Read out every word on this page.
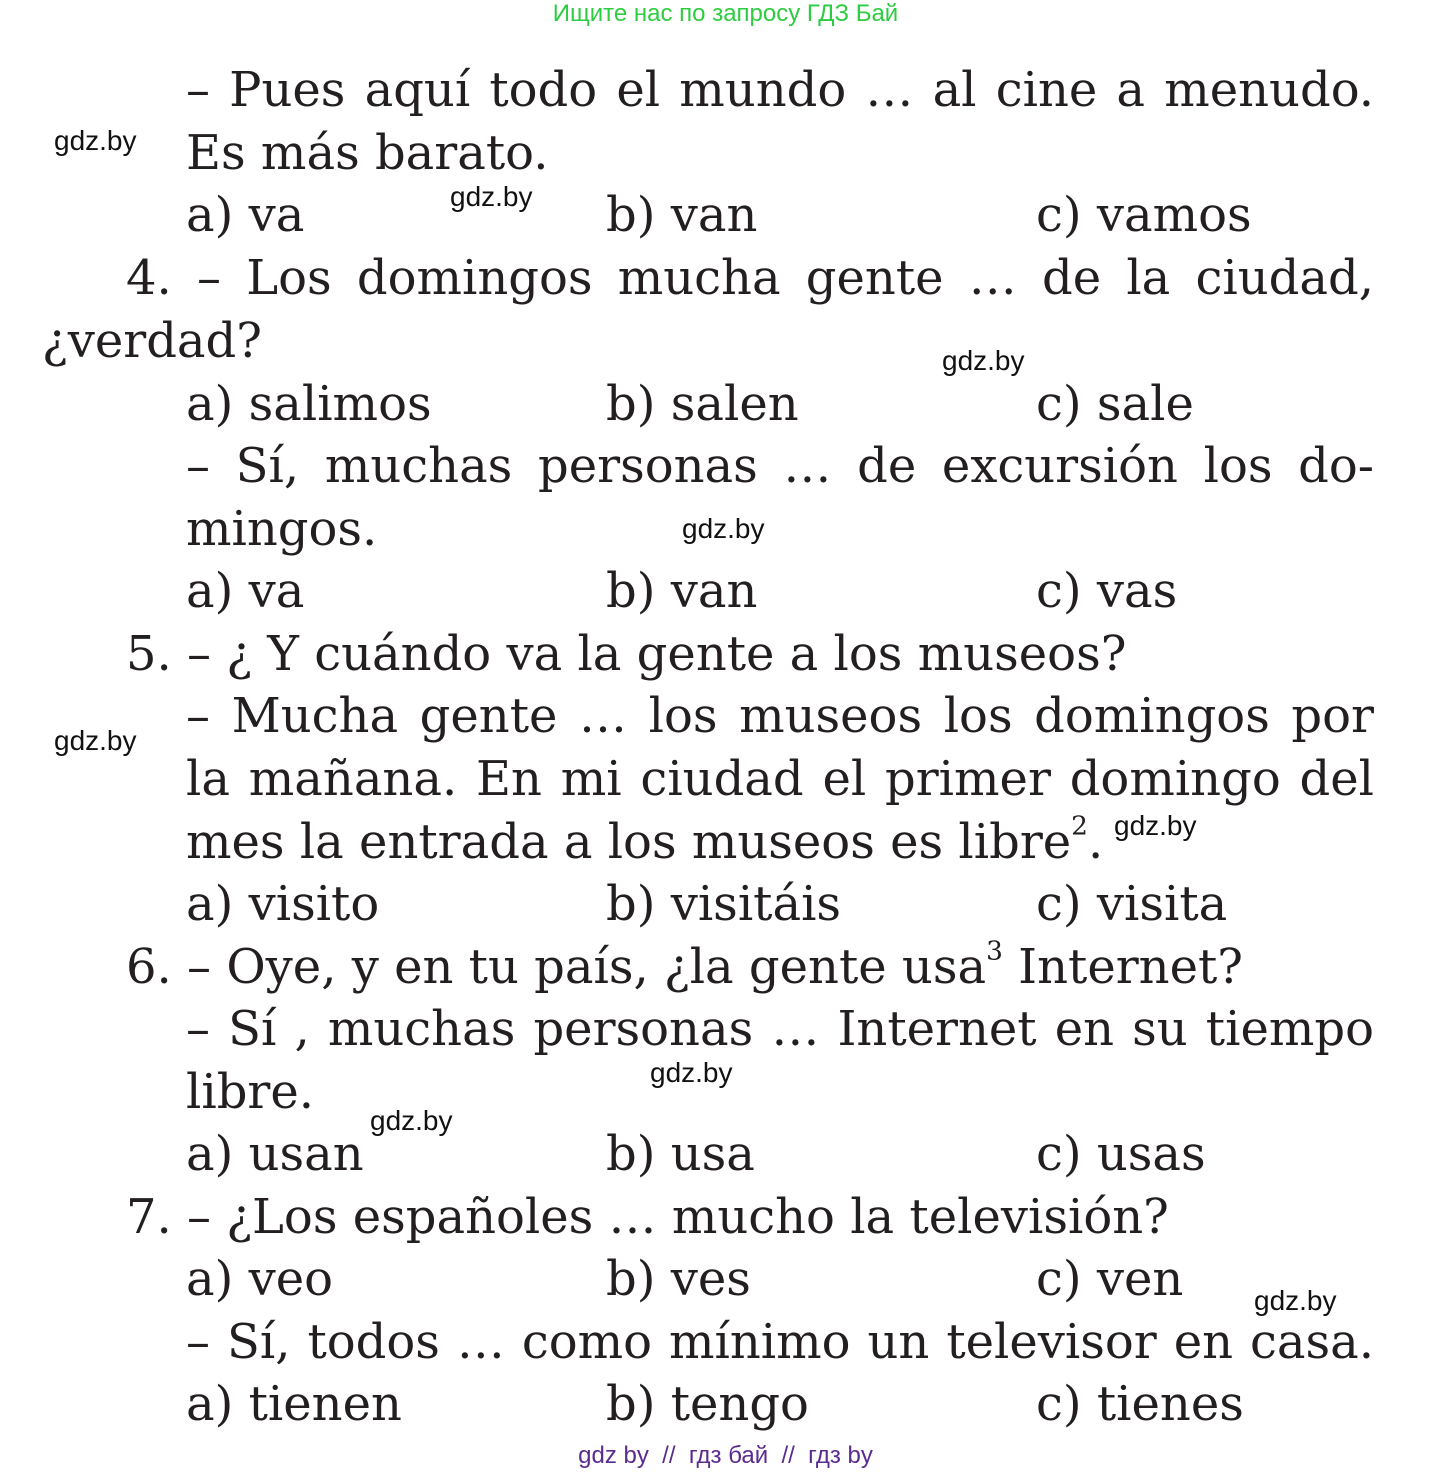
Ищите нас по запросу ГДЗ Бай
– Pues aquí todo el mundo … al cine a menudo.
Es más barato.
a) va	b) van	c) vamos
4. – Los domingos mucha gente … de la ciudad,
¿verdad?
a) salimos	b) salen	c) sale
– Sí, muchas personas … de excursión los do-
mingos.
a) va	b) van	c) vas
5. – ¿ Y cuándo va la gente a los museos?
– Mucha gente … los museos los domingos por
la mañana. En mi ciudad el primer domingo del
mes la entrada a los museos es libre$^2$.
a) visito	b) visitáis	c) visita
6. – Oye, y en tu país, ¿la gente usa$^3$ Internet?
– Sí , muchas personas … Internet en su tiempo
libre.
a) usan	b) usa	c) usas
7. – ¿Los españoles … mucho la televisión?
a) veo	b) ves	c) ven
– Sí, todos … como mínimo un televisor en casa.
a) tienen	b) tengo	c) tienes
gdz.by
gdz.by
gdz.by
gdz.by
gdz.by
gdz.by
gdz.by
gdz.by
gdz.by
gdz by  //  гдз бай  //  гдз by
